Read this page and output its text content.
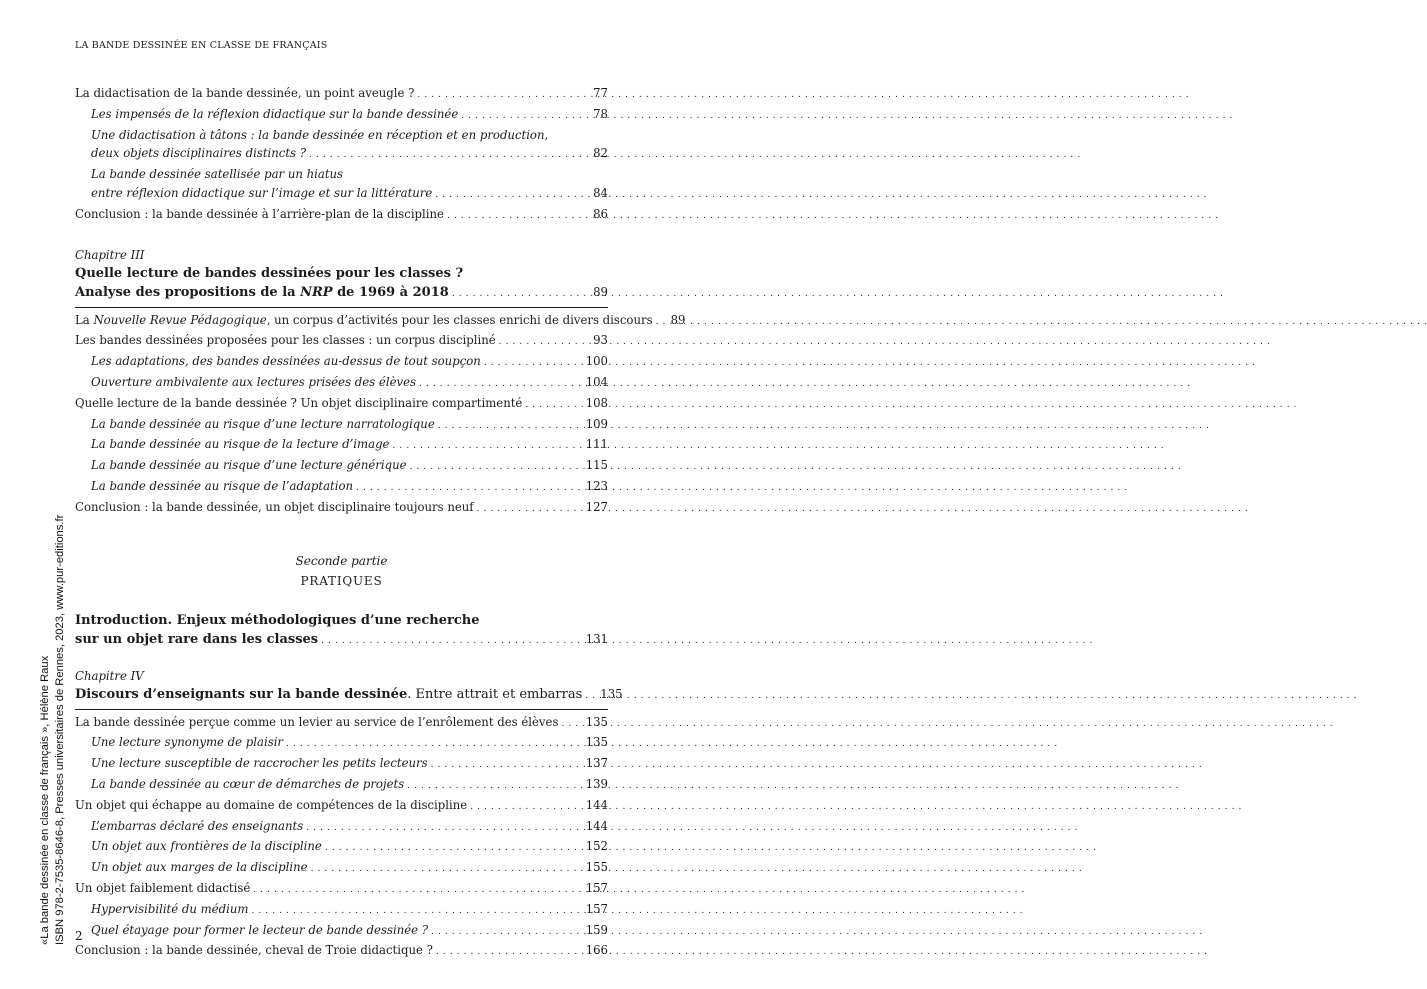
LA BANDE DESSINÉE EN CLASSE DE FRANÇAIS
La didactisation de la bande dessinée, un point aveugle ? . . .	77
Les impensés de la réflexion didactique sur la bande dessinée . . .	78
Une didactisation à tâtons : la bande dessinée en réception et en production,
deux objets disciplinaires distincts ? . . .	82
La bande dessinée satellisée par un hiatus
entre réflexion didactique sur l’image et sur la littérature . . .	84
Conclusion : la bande dessinée à l’arrière-plan de la discipline . . .	86
Chapitre III
Quelle lecture de bandes dessinées pour les classes ?
Analyse des propositions de la NRP de 1969 à 2018 . . .	89
La Nouvelle Revue Pédagogique, un corpus d’activités pour les classes enrichi de divers discours . . . 89
Les bandes dessinées proposées pour les classes : un corpus discipliné . . .	93
Les adaptations, des bandes dessinées au-dessus de tout soupçon . . .	100
Ouverture ambivalente aux lectures prisées des élèves . . .	104
Quelle lecture de la bande dessinée ? Un objet disciplinaire compartimenté . . .	108
La bande dessinée au risque d’une lecture narratologique . . .	109
La bande dessinée au risque de la lecture d’image . . .	111
La bande dessinée au risque d’une lecture générique . . .	115
La bande dessinée au risque de l’adaptation . . .	123
Conclusion : la bande dessinée, un objet disciplinaire toujours neuf . . .	127
Seconde partie
PRATIQUES
Introduction. Enjeux méthodologiques d’une recherche
sur un objet rare dans les classes . . .	131
Chapitre IV
Discours d’enseignants sur la bande dessinée. Entre attrait et embarras . . . 135
La bande dessinée perçue comme un levier au service de l’enrôlement des élèves . . . 135
Une lecture synonyme de plaisir . . .	135
Une lecture susceptible de raccrocher les petits lecteurs . . .	137
La bande dessinée au cœur de démarches de projets . . .	139
Un objet qui échappe au domaine de compétences de la discipline . . .	144
L’embarras déclaré des enseignants . . .	144
Un objet aux frontières de la discipline . . .	152
Un objet aux marges de la discipline . . .	155
Un objet faiblement didactisé . . .	157
Hypervisibilité du médium . . .	157
Quel étayage pour former le lecteur de bande dessinée ? . . .	159
Conclusion : la bande dessinée, cheval de Troie didactique ? . . .	166
2
«La bande dessinée en classe de français », Hélène Raux ISBN 978-2-7535-8646-8, Presses universitaires de Rennes, 2023, www.pur-editions.fr
